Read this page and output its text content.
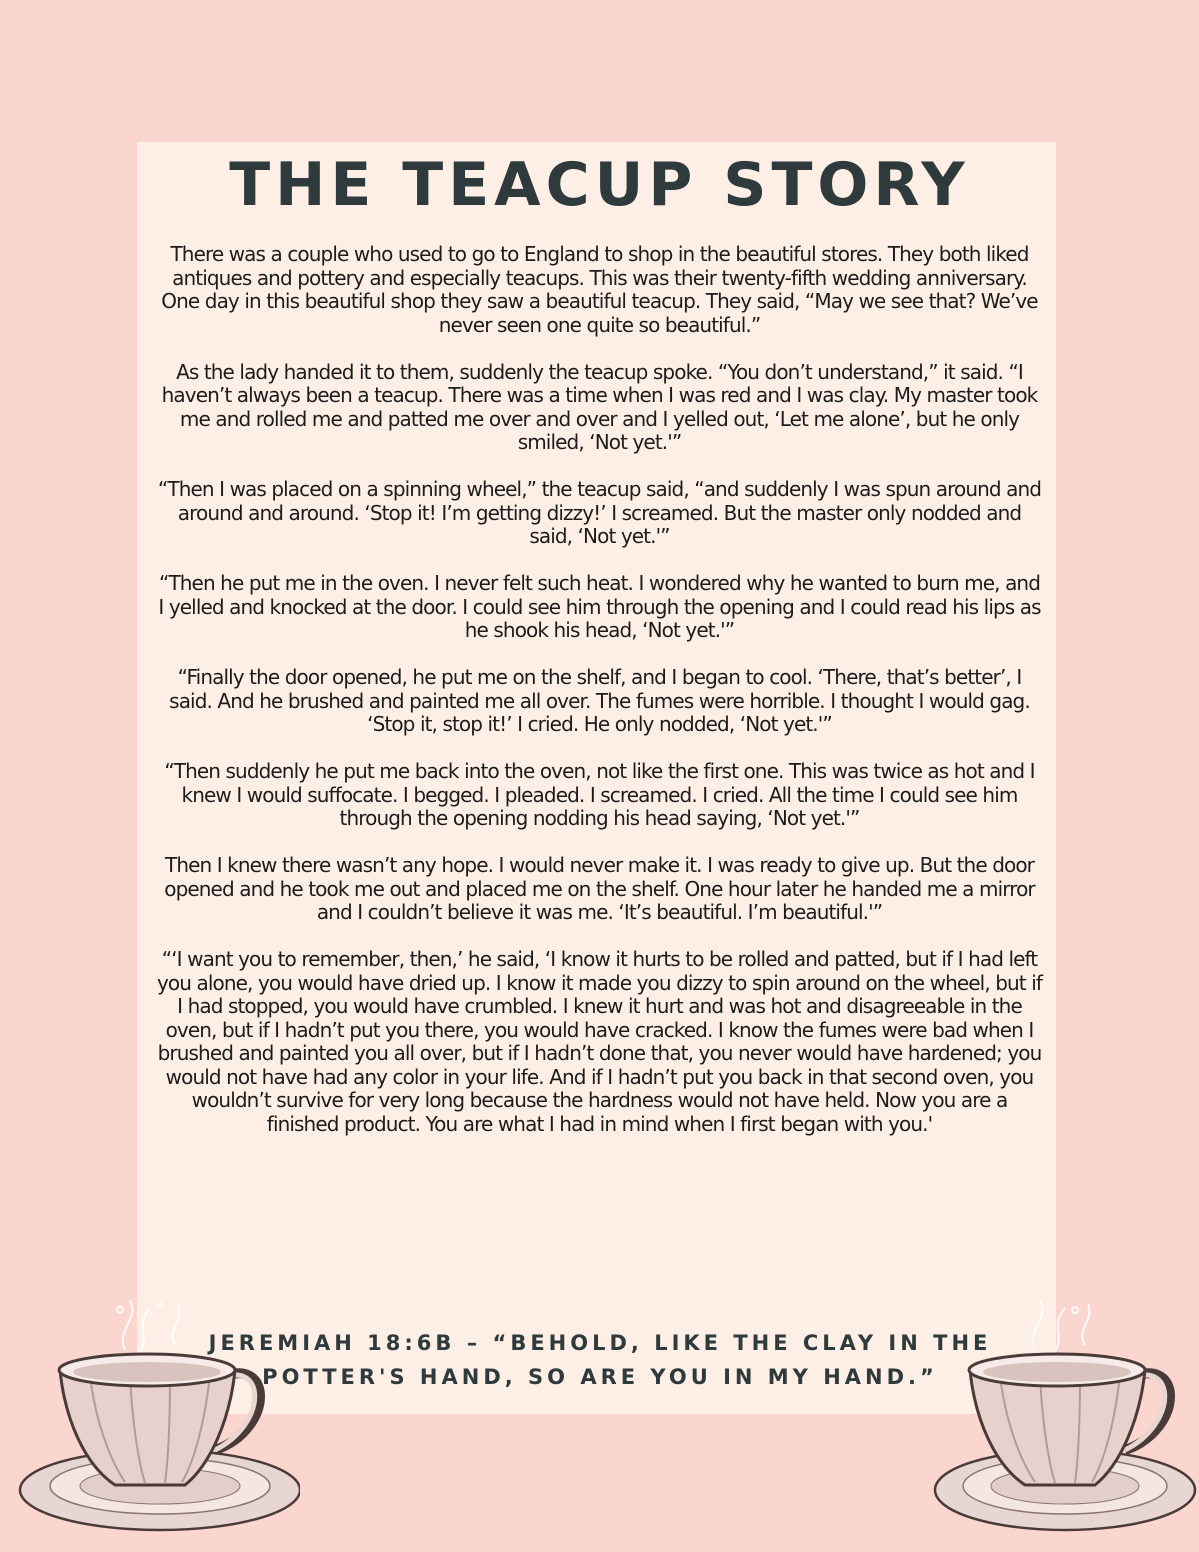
THE TEACUP STORY

There was a couple who used to go to England to shop in the beautiful stores. They both liked antiques and pottery and especially teacups. This was their twenty-fifth wedding anniversary. One day in this beautiful shop they saw a beautiful teacup. They said, “May we see that? We’ve never seen one quite so beautiful.”

As the lady handed it to them, suddenly the teacup spoke. “You don’t understand,” it said. “I haven’t always been a teacup. There was a time when I was red and I was clay. My master took me and rolled me and patted me over and over and I yelled out, ‘Let me alone’, but he only smiled, ‘Not yet.'”

“Then I was placed on a spinning wheel,” the teacup said, “and suddenly I was spun around and around and around. ‘Stop it! I’m getting dizzy!’ I screamed. But the master only nodded and said, ‘Not yet.'”

“Then he put me in the oven. I never felt such heat. I wondered why he wanted to burn me, and I yelled and knocked at the door. I could see him through the opening and I could read his lips as he shook his head, ‘Not yet.'”

“Finally the door opened, he put me on the shelf, and I began to cool. ‘There, that’s better’, I said. And he brushed and painted me all over. The fumes were horrible. I thought I would gag. ‘Stop it, stop it!’ I cried. He only nodded, ‘Not yet.'”

“Then suddenly he put me back into the oven, not like the first one. This was twice as hot and I knew I would suffocate. I begged. I pleaded. I screamed. I cried. All the time I could see him through the opening nodding his head saying, ‘Not yet.'”

Then I knew there wasn’t any hope. I would never make it. I was ready to give up. But the door opened and he took me out and placed me on the shelf. One hour later he handed me a mirror and I couldn’t believe it was me. ‘It’s beautiful. I’m beautiful.'”

“‘I want you to remember, then,’ he said, ‘I know it hurts to be rolled and patted, but if I had left you alone, you would have dried up. I know it made you dizzy to spin around on the wheel, but if I had stopped, you would have crumbled. I knew it hurt and was hot and disagreeable in the oven, but if I hadn’t put you there, you would have cracked. I know the fumes were bad when I brushed and painted you all over, but if I hadn’t done that, you never would have hardened; you would not have had any color in your life. And if I hadn’t put you back in that second oven, you wouldn’t survive for very long because the hardness would not have held. Now you are a finished product. You are what I had in mind when I first began with you.'

JEREMIAH 18:6B – “BEHOLD, LIKE THE CLAY IN THE
POTTER'S HAND, SO ARE YOU IN MY HAND.”
